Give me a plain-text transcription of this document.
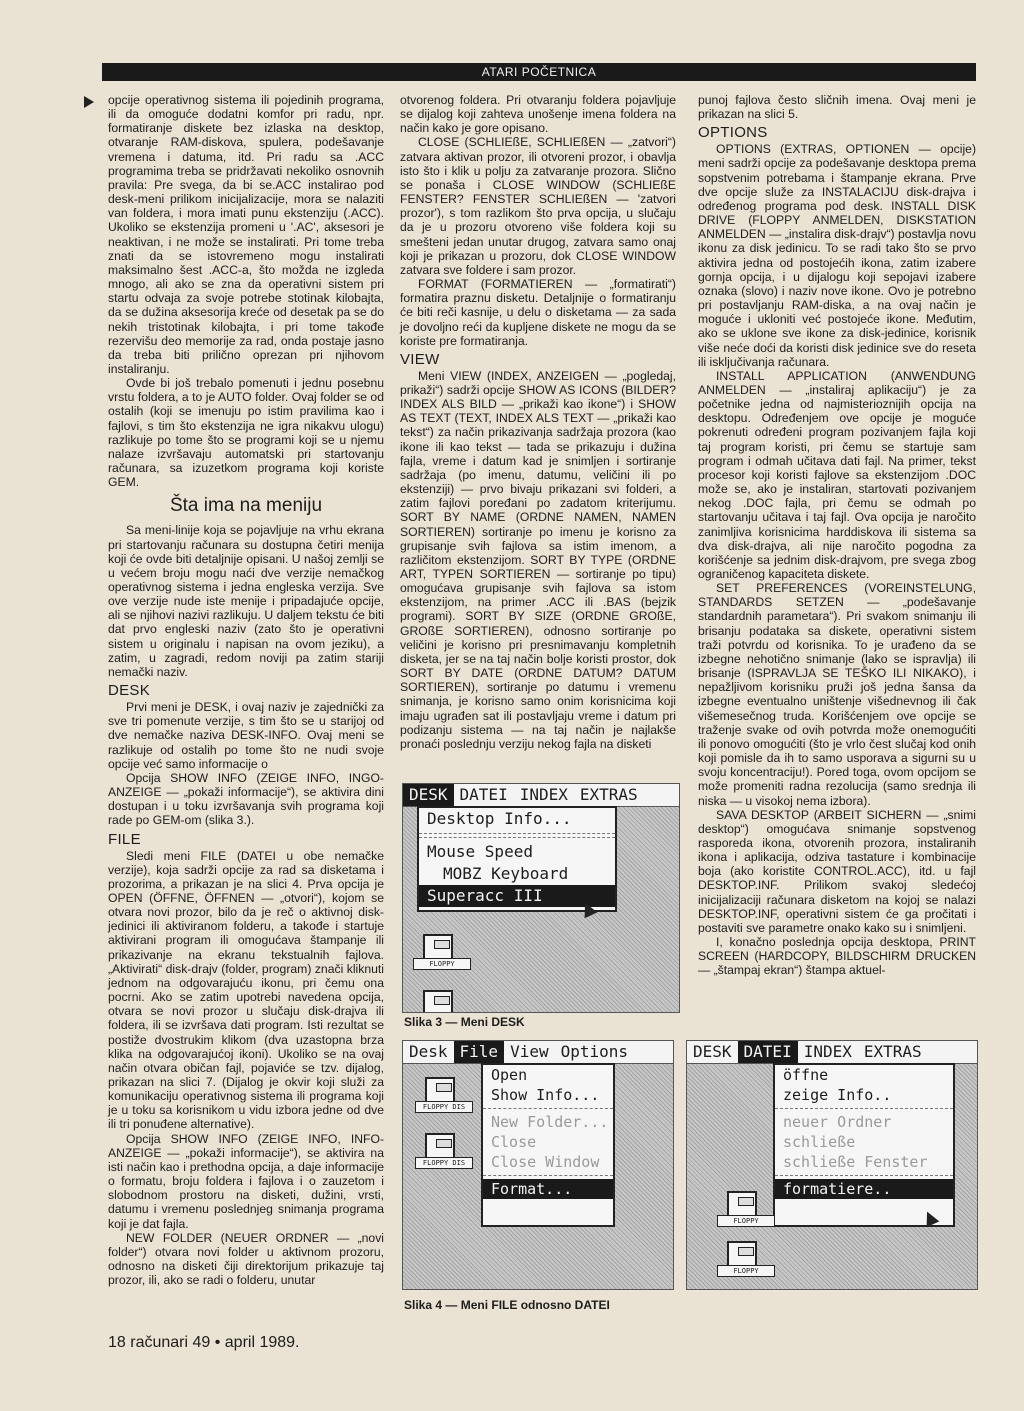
ATARI POČETNICA

opcije operativnog sistema ili pojedinih programa, ili da omoguće dodatni komfor pri radu, npr. formatiranje diskete bez izlaska na desktop, otvaranje RAM-diskova, spulera, podešavanje vremena i datuma, itd. Pri radu sa .ACC programima treba se pridržavati nekoliko osnovnih pravila: Pre svega, da bi se.ACC instalirao pod desk-meni prilikom inicijalizacije, mora se nalaziti van foldera, i mora imati punu ekstenziju (.ACC). Ukoliko se ekstenzija promeni u '.AC', aksesori je neaktivan, i ne može se instalirati. Pri tome treba znati da se istovremeno mogu instalirati maksimalno šest .ACC-a, što možda ne izgleda mnogo, ali ako se zna da operativni sistem pri startu odvaja za svoje potrebe stotinak kilobajta, da se dužina aksesorija kreće od desetak pa se do nekih tristotinak kilobajta, i pri tome takođe rezervišu deo memorije za rad, onda postaje jasno da treba biti prilično oprezan pri njihovom instaliranju.

Ovde bi još trebalo pomenuti i jednu posebnu vrstu foldera, a to je AUTO folder. Ovaj folder se od ostalih (koji se imenuju po istim pravilima kao i fajlovi, s tim što ekstenzija ne igra nikakvu ulogu) razlikuje po tome što se programi koji se u njemu nalaze izvršavaju automatski pri startovanju računara, sa izuzetkom programa koji koriste GEM.

Šta ima na meniju

Sa meni-linije koja se pojavljuje na vrhu ekrana pri startovanju računara su dostupna četiri menija koji će ovde biti detaljnije opisani. U našoj zemlji se u većem broju mogu naći dve verzije nemačkog operativnog sistema i jedna engleska verzija. Sve ove verzije nude iste menije i pripadajuće opcije, ali se njihovi nazivi razlikuju. U daljem tekstu će biti dat prvo engleski naziv (zato što je operativni sistem u originalu i napisan na ovom jeziku), a zatim, u zagradi, redom noviji pa zatim stariji nemački naziv.

DESK

Prvi meni je DESK, i ovaj naziv je zajednički za sve tri pomenute verzije, s tim što se u starijoj od dve nemačke naziva DESK-INFO. Ovaj meni se razlikuje od ostalih po tome što ne nudi svoje opcije već samo informacije o

Opcija SHOW INFO (ZEIGE INFO, INGO-ANZEIGE — „pokaži informacije“), se aktivira dini dostupan i u toku izvršavanja svih programa koji rade po GEM-om (slika 3.).

FILE

Sledi meni FILE (DATEI u obe nemačke verzije), koja sadrži opcije za rad sa disketama i prozorima, a prikazan je na slici 4. Prva opcija je OPEN (ÖFFNE, ÖFFNEN — „otvori“), kojom se otvara novi prozor, bilo da je reč o aktivnoj disk-jedinici ili aktiviranom folderu, a takođe i startuje aktivirani program ili omogućava štampanje ili prikazivanje na ekranu tekstualnih fajlova. „Aktivirati“ disk-drajv (folder, program) znači kliknuti jednom na odgovarajuću ikonu, pri čemu ona pocrni. Ako se zatim upotrebi navedena opcija, otvara se novi prozor u slučaju disk-drajva ili foldera, ili se izvršava dati program. Isti rezultat se postiže dvostrukim klikom (dva uzastopna brza klika na odgovarajućoj ikoni). Ukoliko se na ovaj način otvara običan fajl, pojaviće se tzv. dijalog, prikazan na slici 7. (Dijalog je okvir koji služi za komunikaciju operativnog sistema ili programa koji je u toku sa korisnikom u vidu izbora jedne od dve ili tri ponuđene alternative).

Opcija SHOW INFO (ZEIGE INFO, INFO-ANZEIGE — „pokaži informacije“), se aktivira na isti način kao i prethodna opcija, a daje informacije o formatu, broju foldera i fajlova i o zauzetom i slobodnom prostoru na disketi, dužini, vrsti, datumu i vremenu poslednjeg snimanja programa koji je dat fajla.

NEW FOLDER (NEUER ORDNER — „novi folder“) otvara novi folder u aktivnom prozoru, odnosno na disketi čiji direktorijum prikazuje taj prozor, ili, ako se radi o folderu, unutar

otvorenog foldera. Pri otvaranju foldera pojavljuje se dijalog koji zahteva unošenje imena foldera na način kako je gore opisano.

CLOSE (SCHLIEßE, SCHLIEßEN — „zatvori“) zatvara aktivan prozor, ili otvoreni prozor, i obavlja isto što i klik u polju za zatvaranje prozora. Slično se ponaša i CLOSE WINDOW (SCHLIEßE FENSTER? FENSTER SCHLIEßEN — 'zatvori prozor'), s tom razlikom što prva opcija, u slučaju da je u prozoru otvoreno više foldera koji su smešteni jedan unutar drugog, zatvara samo onaj koji je prikazan u prozoru, dok CLOSE WINDOW zatvara sve foldere i sam prozor.

FORMAT (FORMATIEREN — „formatirati“) formatira praznu disketu. Detaljnije o formatiranju će biti reči kasnije, u delu o disketama — za sada je dovoljno reći da kupljene diskete ne mogu da se koriste pre formatiranja.

VIEW

Meni VIEW (INDEX, ANZEIGEN — „pogledaj, prikaži“) sadrži opcije SHOW AS ICONS (BILDER? INDEX ALS BILD — „prikaži kao ikone“) i SHOW AS TEXT (TEXT, INDEX ALS TEXT — „prikaži kao tekst“) za način prikazivanja sadržaja prozora (kao ikone ili kao tekst — tada se prikazuju i dužina fajla, vreme i datum kad je snimljen i sortiranje sadržaja (po imenu, datumu, veličini ili po ekstenziji) — prvo bivaju prikazani svi folderi, a zatim fajlovi poređani po zadatom kriterijumu. SORT BY NAME (ORDNE NAMEN, NAMEN SORTIEREN) sortiranje po imenu je korisno za grupisanje svih fajlova sa istim imenom, a različitom ekstenzijom. SORT BY TYPE (ORDNE ART, TYPEN SORTIEREN — sortiranje po tipu) omogućava grupisanje svih fajlova sa istom ekstenzijom, na primer .ACC ili .BAS (bejzik programi). SORT BY SIZE (ORDNE GROßE, GROßE SORTIEREN), odnosno sortiranje po veličini je korisno pri presnimavanju kompletnih disketa, jer se na taj način bolje koristi prostor, dok SORT BY DATE (ORDNE DATUM? DATUM SORTIEREN), sortiranje po datumu i vremenu snimanja, je korisno samo onim korisnicima koji imaju ugrađen sat ili postavljaju vreme i datum pri podizanju sistema — na taj način je najlakše pronaći poslednju verziju nekog fajla na disketi

punoj fajlova često sličnih imena. Ovaj meni je prikazan na slici 5.

OPTIONS

OPTIONS (EXTRAS, OPTIONEN — opcije) meni sadrži opcije za podešavanje desktopa prema sopstvenim potrebama i štampanje ekrana. Prve dve opcije služe za INSTALACIJU disk-drajva i određenog programa pod desk. INSTALL DISK DRIVE (FLOPPY ANMELDEN, DISKSTATION ANMELDEN — „instalira disk-drajv“) postavlja novu ikonu za disk jedinicu. To se radi tako što se prvo aktivira jedna od postojećih ikona, zatim izabere gornja opcija, i u dijalogu koji sepojavi izabere oznaka (slovo) i naziv nove ikone. Ovo je potrebno pri postavljanju RAM-diska, a na ovaj način je moguće i ukloniti već postojeće ikone. Međutim, ako se uklone sve ikone za disk-jedinice, korisnik više neće doći da koristi disk jedinice sve do reseta ili isključivanja računara.

INSTALL APPLICATION (ANWENDUNG ANMELDEN — „instaliraj aplikaciju“) je za početnike jedna od najmisterioznijih opcija na desktopu. Određenjem ove opcije je moguće pokrenuti određeni program pozivanjem fajla koji taj program koristi, pri čemu se startuje sam program i odmah učitava dati fajl. Na primer, tekst procesor koji koristi fajlove sa ekstenzijom .DOC može se, ako je instaliran, startovati pozivanjem nekog .DOC fajla, pri čemu se odmah po startovanju učitava i taj fajl. Ova opcija je naročito zanimljiva korisnicima harddiskova ili sistema sa dva disk-drajva, ali nije naročito pogodna za korišćenje sa jednim disk-drajvom, pre svega zbog ograničenog kapaciteta diskete.

SET PREFERENCES (VOREINSTELUNG, STANDARDS SETZEN — „podešavanje standardnih parametara“). Pri svakom snimanju ili brisanju podataka sa diskete, operativni sistem traži potvrdu od korisnika. To je urađeno da se izbegne nehotično snimanje (lako se ispravlja) ili brisanje (ISPRAVLJA SE TEŠKO ILI NIKAKO), i nepažljivom korisniku pruži još jedna šansa da izbegne eventualno uništenje višednevnog ili čak višemesečnog truda. Korišćenjem ove opcije se traženje svake od ovih potvrda može onemogućiti ili ponovo omogućiti (što je vrlo čest slučaj kod onih koji pomisle da ih to samo usporava a sigurni su u svoju koncentraciju!). Pored toga, ovom opcijom se može promeniti radna rezolucija (samo srednja ili niska — u visokoj nema izbora).

SAVA DESKTOP (ARBEIT SICHERN — „snimi desktop“) omogućava snimanje sopstvenog rasporeda ikona, otvorenih prozora, instaliranih ikona i aplikacija, odziva tastature i kombinacije boja (ako koristite CONTROL.ACC), itd. u fajl DESKTOP.INF. Prilikom svakoj sledećoj inicijalizaciji računara disketom na kojoj se nalazi DESKTOP.INF, operativni sistem će ga pročitati i postaviti sve parametre onako kako su i snimljeni.

I, konačno poslednja opcija desktopa, PRINT SCREEN (HARDCOPY, BILDSCHIRM DRUCKEN — „štampaj ekran“) štampa aktuel-

DESK DATEI INDEX EXTRAS
Desktop Info...
Mouse Speed
MOBZ Keyboard
Superacc III
FLOPPY
Slika 3 — Meni DESK
Desk File View Options
Open
Show Info...
New Folder...
Close
Close Window
Format...
FLOPPY DIS
FLOPPY DIS
DESK DATEI INDEX EXTRAS
öffne
zeige Info..
neuer Ordner
schließe
schließe Fenster
formatiere..
FLOPPY
FLOPPY
Slika 4 — Meni FILE odnosno DATEI
18 računari 49 • april 1989.
